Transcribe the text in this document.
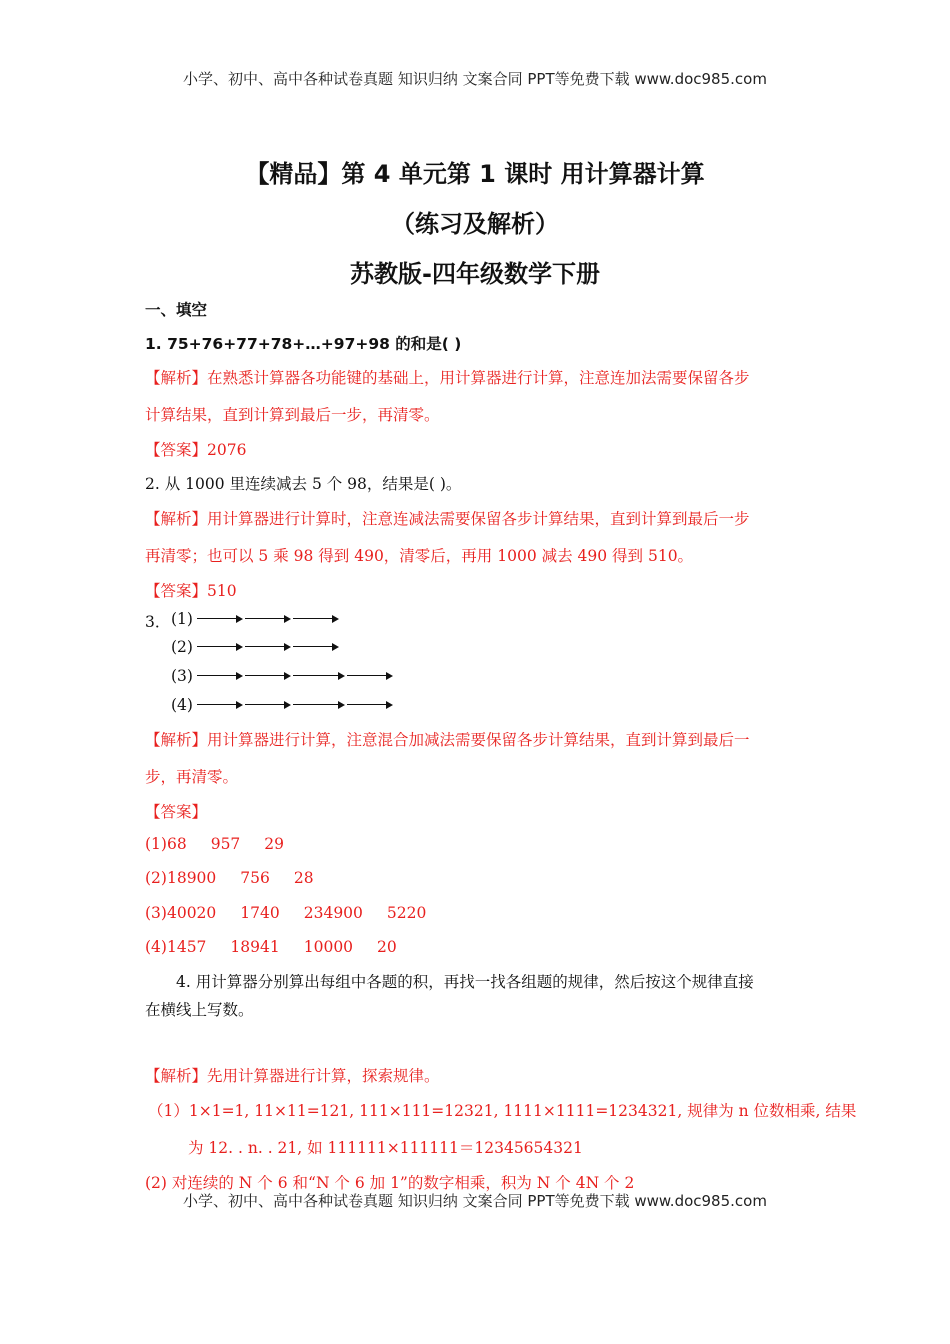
小学、初中、高中各种试卷真题 知识归纳 文案合同 PPT等免费下载 www.doc985.com
【精品】第 4 单元第 1 课时 用计算器计算
（练习及解析）
苏教版-四年级数学下册
一、填空
1. 75+76+77+78+…+97+98 的和是( )
【解析】在熟悉计算器各功能键的基础上，用计算器进行计算，注意连加法需要保留各步
计算结果，直到计算到最后一步，再清零。
【答案】2076
2. 从 1000 里连续减去 5 个 98，结果是( )。
【解析】用计算器进行计算时，注意连减法需要保留各步计算结果，直到计算到最后一步
再清零；也可以 5 乘 98 得到 490，清零后，再用 1000 减去 490 得到 510。
【答案】510
3． (1)
(2)
(3)
(4)
【解析】用计算器进行计算，注意混合加减法需要保留各步计算结果，直到计算到最后一
步，再清零。
【答案】
(1)68 957 29
(2)18900 756 28
(3)40020 1740 234900 5220
(4)1457 18941 10000 20
4. 用计算器分别算出每组中各题的积，再找一找各组题的规律，然后按这个规律直接
在横线上写数。
【解析】先用计算器进行计算，探索规律。
（1）1×1=1, 11×11=121, 111×111=12321, 1111×1111=1234321, 规律为 n 位数相乘, 结果
为 12. . n. . 21, 如 111111×111111＝12345654321
(2) 对连续的 N 个 6 和“N 个 6 加 1”的数字相乘，积为 N 个 4N 个 2
小学、初中、高中各种试卷真题 知识归纳 文案合同 PPT等免费下载 www.doc985.com
